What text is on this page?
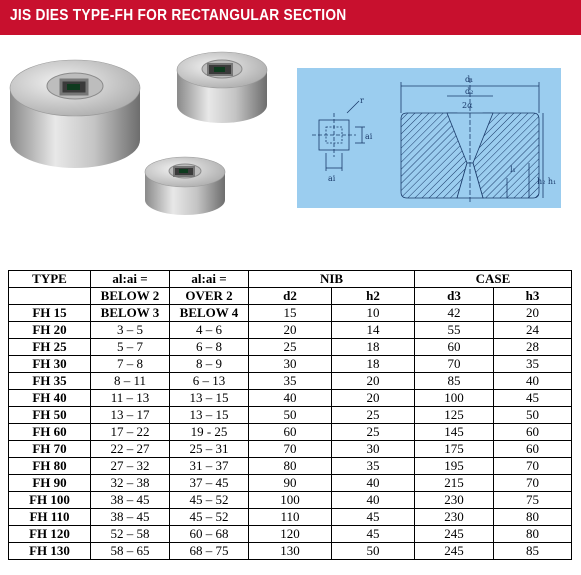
JIS DIES TYPE-FH FOR RECTANGULAR SECTION
r
ai
ai
d₁
d₂
2α
h₂ h₁
l₁
TYPE	al:ai =	al:ai =	NIB		CASE	
	BELOW 2	OVER 2	d2	h2	d3	h3
FH 15	BELOW 3	BELOW 4	15	10	42	20
FH 20	3 – 5	4 – 6	20	14	55	24
FH 25	5 – 7	6 – 8	25	18	60	28
FH 30	7 – 8	8 – 9	30	18	70	35
FH 35	8 – 11	6 – 13	35	20	85	40
FH 40	11 – 13	13 – 15	40	20	100	45
FH 50	13 – 17	13 – 15	50	25	125	50
FH 60	17 – 22	19 - 25	60	25	145	60
FH 70	22 – 27	25 – 31	70	30	175	60
FH 80	27 – 32	31 – 37	80	35	195	70
FH 90	32 – 38	37 – 45	90	40	215	70
FH 100	38 – 45	45 – 52	100	40	230	75
FH 110	38 – 45	45 – 52	110	45	230	80
FH 120	52 – 58	60 – 68	120	45	245	80
FH 130	58 – 65	68 – 75	130	50	245	85
